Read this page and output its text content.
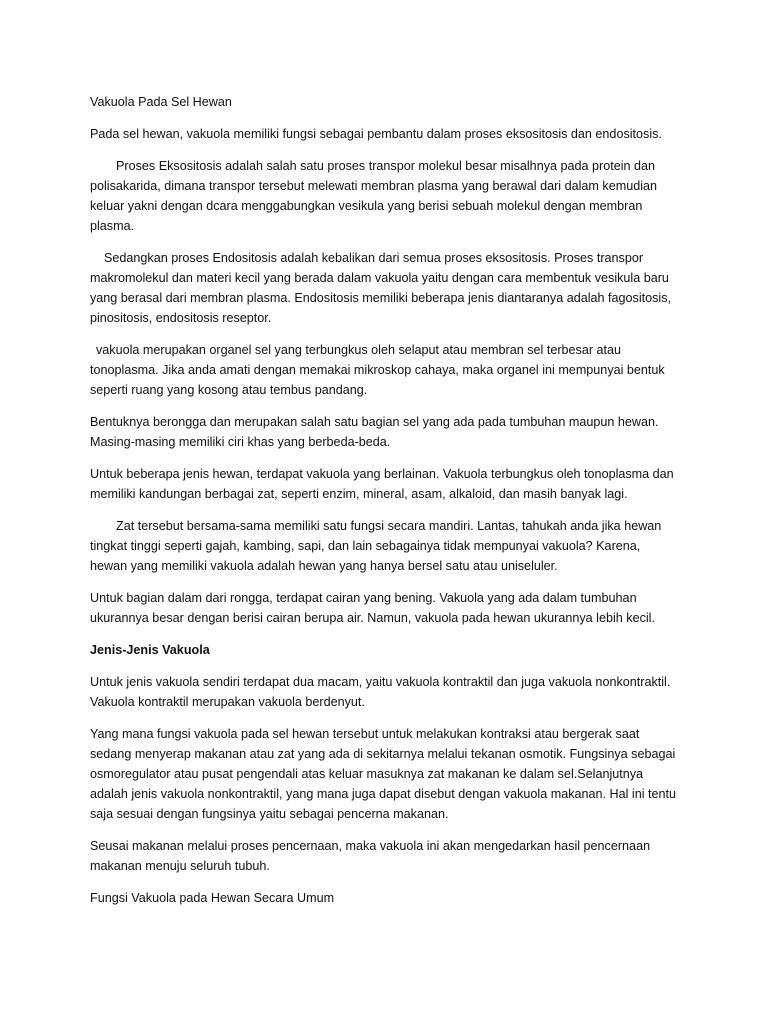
Vakuola Pada Sel Hewan

Pada sel hewan, vakuola memiliki fungsi sebagai pembantu dalam proses eksositosis dan endositosis.

Proses Eksositosis adalah salah satu proses transpor molekul besar misalhnya pada protein dan polisakarida, dimana transpor tersebut melewati membran plasma yang berawal dari dalam kemudian keluar yakni dengan dcara menggabungkan vesikula yang berisi sebuah molekul dengan membran plasma.

Sedangkan proses Endositosis adalah kebalikan dari semua proses eksositosis. Proses transpor makromolekul dan materi kecil yang berada dalam vakuola yaitu dengan cara membentuk vesikula baru yang berasal dari membran plasma. Endositosis memiliki beberapa jenis diantaranya adalah fagositosis, pinositosis, endositosis reseptor.

vakuola merupakan organel sel yang terbungkus oleh selaput atau membran sel terbesar atau tonoplasma. Jika anda amati dengan memakai mikroskop cahaya, maka organel ini mempunyai bentuk seperti ruang yang kosong atau tembus pandang.

Bentuknya berongga dan merupakan salah satu bagian sel yang ada pada tumbuhan maupun hewan. Masing-masing memiliki ciri khas yang berbeda-beda.

Untuk beberapa jenis hewan, terdapat vakuola yang berlainan. Vakuola terbungkus oleh tonoplasma dan memiliki kandungan berbagai zat, seperti enzim, mineral, asam, alkaloid, dan masih banyak lagi.

Zat tersebut bersama-sama memiliki satu fungsi secara mandiri. Lantas, tahukah anda jika hewan tingkat tinggi seperti gajah, kambing, sapi, dan lain sebagainya tidak mempunyai vakuola? Karena, hewan yang memiliki vakuola adalah hewan yang hanya bersel satu atau uniseluler.

Untuk bagian dalam dari rongga, terdapat cairan yang bening. Vakuola yang ada dalam tumbuhan ukurannya besar dengan berisi cairan berupa air. Namun, vakuola pada hewan ukurannya lebih kecil.

Jenis-Jenis Vakuola

Untuk jenis vakuola sendiri terdapat dua macam, yaitu vakuola kontraktil dan juga vakuola nonkontraktil. Vakuola kontraktil merupakan vakuola berdenyut.

Yang mana fungsi vakuola pada sel hewan tersebut untuk melakukan kontraksi atau bergerak saat sedang menyerap makanan atau zat yang ada di sekitarnya melalui tekanan osmotik. Fungsinya sebagai osmoregulator atau pusat pengendali atas keluar masuknya zat makanan ke dalam sel.Selanjutnya adalah jenis vakuola nonkontraktil, yang mana juga dapat disebut dengan vakuola makanan. Hal ini tentu saja sesuai dengan fungsinya yaitu sebagai pencerna makanan.

Seusai makanan melalui proses pencernaan, maka vakuola ini akan mengedarkan hasil pencernaan makanan menuju seluruh tubuh.

Fungsi Vakuola pada Hewan Secara Umum
